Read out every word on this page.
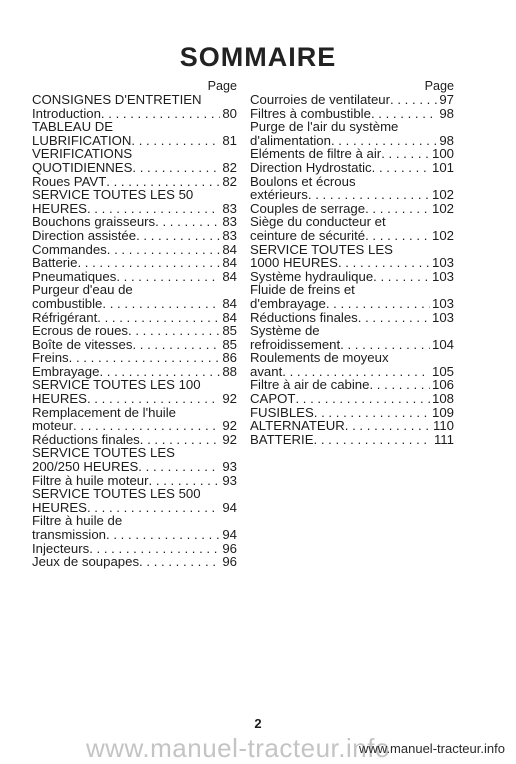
SOMMAIRE
Page
CONSIGNES D'ENTRETIEN
Introduction . . .	80
TABLEAU DE
LUBRIFICATION . . .	81
VERIFICATIONS
QUOTIDIENNES . . .	82
Roues PAVT . . .	82
SERVICE TOUTES LES 50
HEURES . . .	83
Bouchons graisseurs . . .	83
Direction assistée . . .	83
Commandes . . .	84
Batterie . . .	84
Pneumatiques . . .	84
Purgeur d'eau de
combustible . . .	84
Réfrigérant . . .	84
Ecrous de roues . . .	85
Boîte de vitesses . . .	85
Freins . . .	86
Embrayage . . .	88
SERVICE TOUTES LES 100
HEURES . . .	92
Remplacement de l'huile
moteur . . .	92
Réductions finales . . .	92
SERVICE TOUTES LES
200/250 HEURES . . .	93
Filtre à huile moteur . . .	93
SERVICE TOUTES LES 500
HEURES . . .	94
Filtre à huile de
transmission . . .	94
Injecteurs . . .	96
Jeux de soupapes . . .	96
Page
Courroies de ventilateur . . .	97
Filtres à combustible . . .	98
Purge de l'air du système
d'alimentation . . .	98
Eléments de filtre à air . . .	100
Direction Hydrostatic . . .	101
Boulons et écrous
extérieurs . . .	102
Couples de serrage . . .	102
Siège du conducteur et
ceinture de sécurité . . .	102
SERVICE TOUTES LES
1000 HEURES . . .	103
Système hydraulique . . .	103
Fluide de freins et
d'embrayage . . .	103
Réductions finales . . .	103
Système de
refroidissement . . .	104
Roulements de moyeux
avant . . .	105
Filtre à air de cabine . . .	106
CAPOT . . .	108
FUSIBLES . . .	109
ALTERNATEUR . . .	110
BATTERIE . . .	111
2
www.manuel-tracteur.info
www.manuel-tracteur.info
